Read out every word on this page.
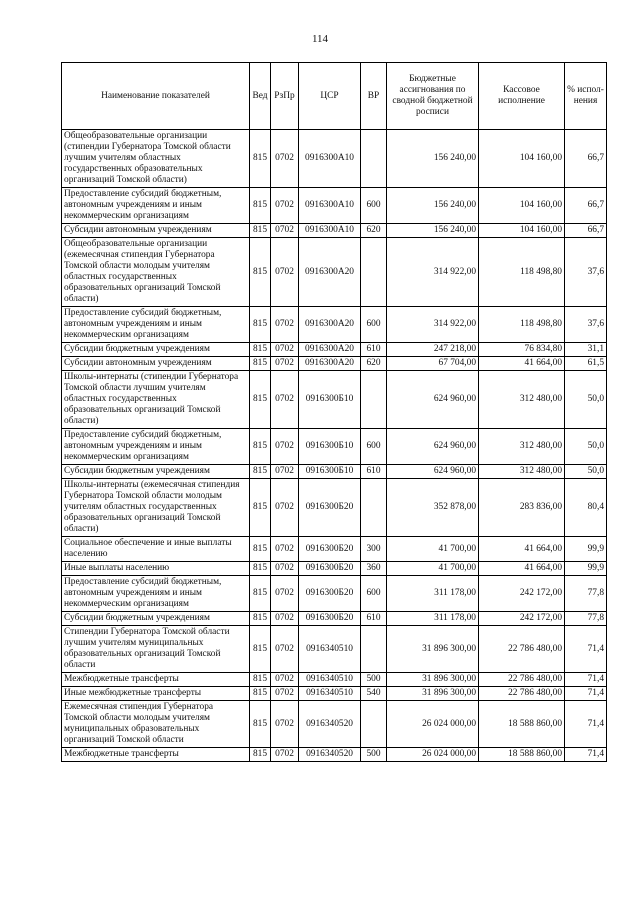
114
Наименование показателей	Вед	РзПр	ЦСР	ВР	Бюджетные ассигнования по сводной бюджетной росписи	Кассовое исполнение	% испол-нения
Общеобразовательные организации (стипендии Губернатора Томской области лучшим учителям областных государственных образовательных организаций Томской области)	815	0702	0916300А10		156 240,00	104 160,00	66,7
Предоставление субсидий бюджетным, автономным учреждениям и иным некоммерческим организациям	815	0702	0916300А10	600	156 240,00	104 160,00	66,7
Субсидии автономным учреждениям	815	0702	0916300А10	620	156 240,00	104 160,00	66,7
Общеобразовательные организации (ежемесячная стипендия Губернатора Томской области молодым учителям областных государственных образовательных организаций Томской области)	815	0702	0916300А20		314 922,00	118 498,80	37,6
Предоставление субсидий бюджетным, автономным учреждениям и иным некоммерческим организациям	815	0702	0916300А20	600	314 922,00	118 498,80	37,6
Субсидии бюджетным учреждениям	815	0702	0916300А20	610	247 218,00	76 834,80	31,1
Субсидии автономным учреждениям	815	0702	0916300А20	620	67 704,00	41 664,00	61,5
Школы-интернаты (стипендии Губернатора Томской области лучшим учителям областных государственных образовательных организаций Томской области)	815	0702	0916300Б10		624 960,00	312 480,00	50,0
Предоставление субсидий бюджетным, автономным учреждениям и иным некоммерческим организациям	815	0702	0916300Б10	600	624 960,00	312 480,00	50,0
Субсидии бюджетным учреждениям	815	0702	0916300Б10	610	624 960,00	312 480,00	50,0
Школы-интернаты (ежемесячная стипендия Губернатора Томской области молодым учителям областных государственных образовательных организаций Томской области)	815	0702	0916300Б20		352 878,00	283 836,00	80,4
Социальное обеспечение и иные выплаты населению	815	0702	0916300Б20	300	41 700,00	41 664,00	99,9
Иные выплаты населению	815	0702	0916300Б20	360	41 700,00	41 664,00	99,9
Предоставление субсидий бюджетным, автономным учреждениям и иным некоммерческим организациям	815	0702	0916300Б20	600	311 178,00	242 172,00	77,8
Субсидии бюджетным учреждениям	815	0702	0916300Б20	610	311 178,00	242 172,00	77,8
Стипендии Губернатора Томской области лучшим учителям муниципальных образовательных организаций Томской области	815	0702	0916340510		31 896 300,00	22 786 480,00	71,4
Межбюджетные трансферты	815	0702	0916340510	500	31 896 300,00	22 786 480,00	71,4
Иные межбюджетные трансферты	815	0702	0916340510	540	31 896 300,00	22 786 480,00	71,4
Ежемесячная стипендия Губернатора Томской области молодым учителям муниципальных образовательных организаций Томской области	815	0702	0916340520		26 024 000,00	18 588 860,00	71,4
Межбюджетные трансферты	815	0702	0916340520	500	26 024 000,00	18 588 860,00	71,4
